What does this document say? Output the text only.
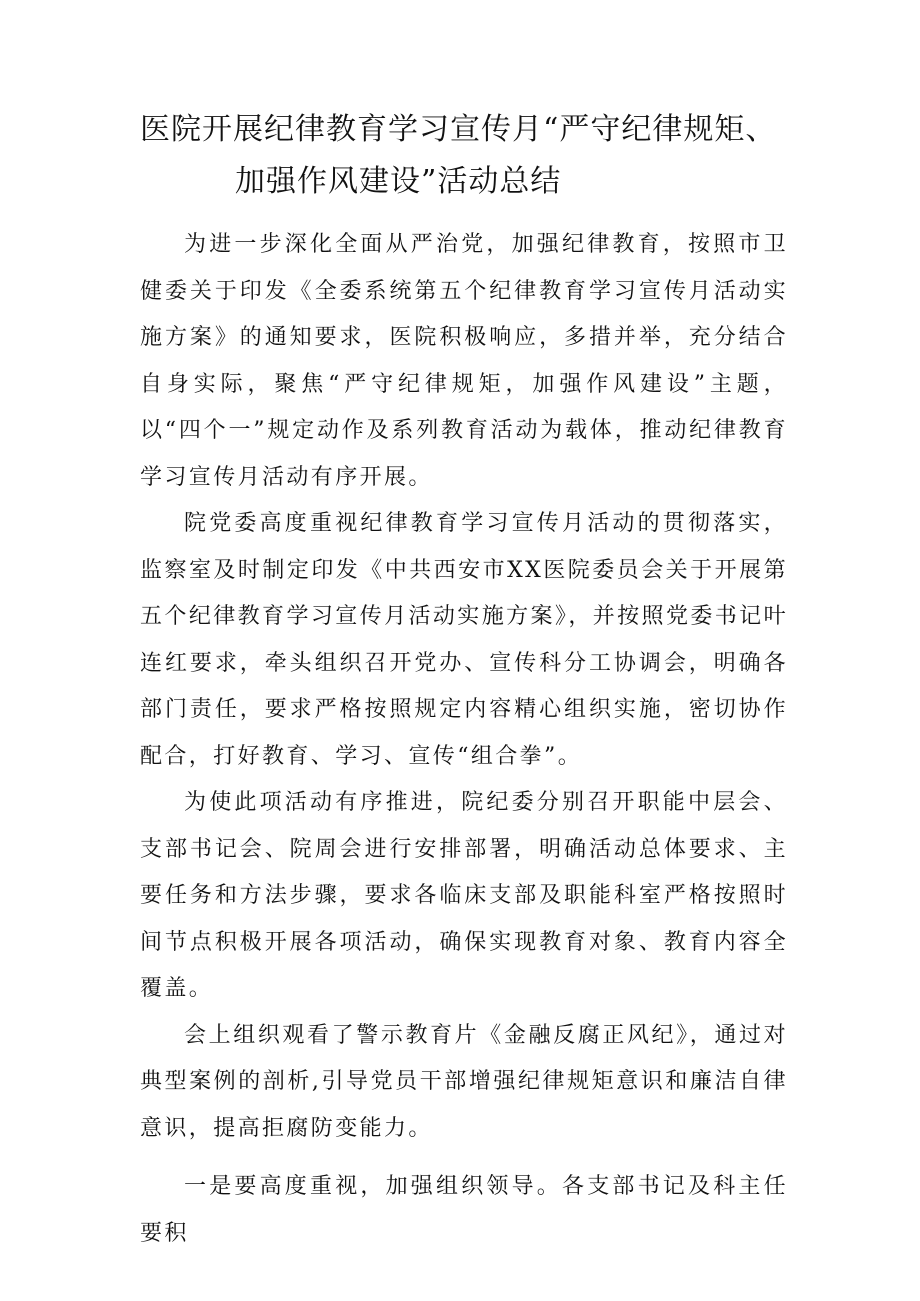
医院开展纪律教育学习宣传月“严守纪律规矩、
加强作风建设”活动总结

为进一步深化全面从严治党，加强纪律教育，按照市卫健委关于印发《全委系统第五个纪律教育学习宣传月活动实施方案》的通知要求，医院积极响应，多措并举，充分结合自身实际，聚焦“严守纪律规矩，加强作风建设”主题，以“四个一”规定动作及系列教育活动为载体，推动纪律教育学习宣传月活动有序开展。

院党委高度重视纪律教育学习宣传月活动的贯彻落实，监察室及时制定印发《中共西安市XX医院委员会关于开展第五个纪律教育学习宣传月活动实施方案》，并按照党委书记叶连红要求，牵头组织召开党办、宣传科分工协调会，明确各部门责任，要求严格按照规定内容精心组织实施，密切协作配合，打好教育、学习、宣传“组合拳”。

为使此项活动有序推进，院纪委分别召开职能中层会、支部书记会、院周会进行安排部署，明确活动总体要求、主要任务和方法步骤，要求各临床支部及职能科室严格按照时间节点积极开展各项活动，确保实现教育对象、教育内容全覆盖。

会上组织观看了警示教育片《金融反腐正风纪》，通过对典型案例的剖析,引导党员干部增强纪律规矩意识和廉洁自律意识，提高拒腐防变能力。

一是要高度重视，加强组织领导。各支部书记及科主任要积
